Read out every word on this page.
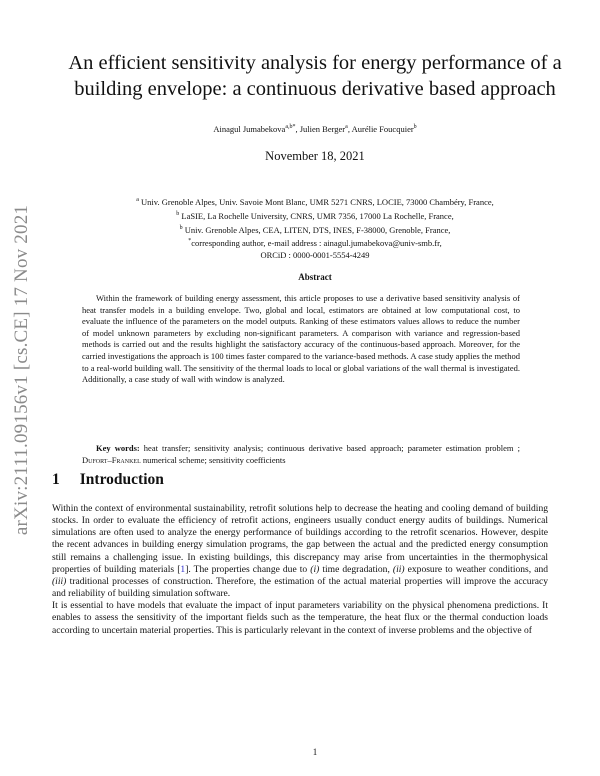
arXiv:2111.09156v1 [cs.CE] 17 Nov 2021
An efficient sensitivity analysis for energy performance of a building envelope: a continuous derivative based approach
Ainagul Jumabekova$^{a,b*}$, Julien Berger$^a$, Aurélie Foucquier$^b$
November 18, 2021
$^a$ Univ. Grenoble Alpes, Univ. Savoie Mont Blanc, UMR 5271 CNRS, LOCIE, 73000 Chambéry, France,
$^b$ LaSIE, La Rochelle University, CNRS, UMR 7356, 17000 La Rochelle, France,
$^b$ Univ. Grenoble Alpes, CEA, LITEN, DTS, INES, F-38000, Grenoble, France,
*corresponding author, e-mail address : ainagul.jumabekova@univ-smb.fr,
ORCiD : 0000-0001-5554-4249
Abstract

Within the framework of building energy assessment, this article proposes to use a derivative based sensitivity analysis of heat transfer models in a building envelope. Two, global and local, estimators are obtained at low computational cost, to evaluate the influence of the parameters on the model outputs. Ranking of these estimators values allows to reduce the number of model unknown parameters by excluding non-significant parameters. A comparison with variance and regression-based methods is carried out and the results highlight the satisfactory accuracy of the continuous-based approach. Moreover, for the carried investigations the approach is 100 times faster compared to the variance-based methods. A case study applies the method to a real-world building wall. The sensitivity of the thermal loads to local or global variations of the wall thermal is investigated. Additionally, a case study of wall with window is analyzed.

Key words: heat transfer; sensitivity analysis; continuous derivative based approach; parameter estimation problem ; Dufort–Frankel numerical scheme; sensitivity coefficients

1 Introduction

Within the context of environmental sustainability, retrofit solutions help to decrease the heating and cooling demand of building stocks. In order to evaluate the efficiency of retrofit actions, engineers usually conduct energy audits of buildings. Numerical simulations are often used to analyze the energy performance of buildings according to the retrofit scenarios. However, despite the recent advances in building energy simulation programs, the gap between the actual and the predicted energy consumption still remains a challenging issue. In existing buildings, this discrepancy may arise from uncertainties in the thermophysical properties of building materials [1]. The properties change due to (i) time degradation, (ii) exposure to weather conditions, and (iii) traditional processes of construction. Therefore, the estimation of the actual material properties will improve the accuracy and reliability of building simulation software.

It is essential to have models that evaluate the impact of input parameters variability on the physical phenomena predictions. It enables to assess the sensitivity of the important fields such as the temperature, the heat flux or the thermal conduction loads according to uncertain material properties. This is particularly relevant in the context of inverse problems and the objective of

1
